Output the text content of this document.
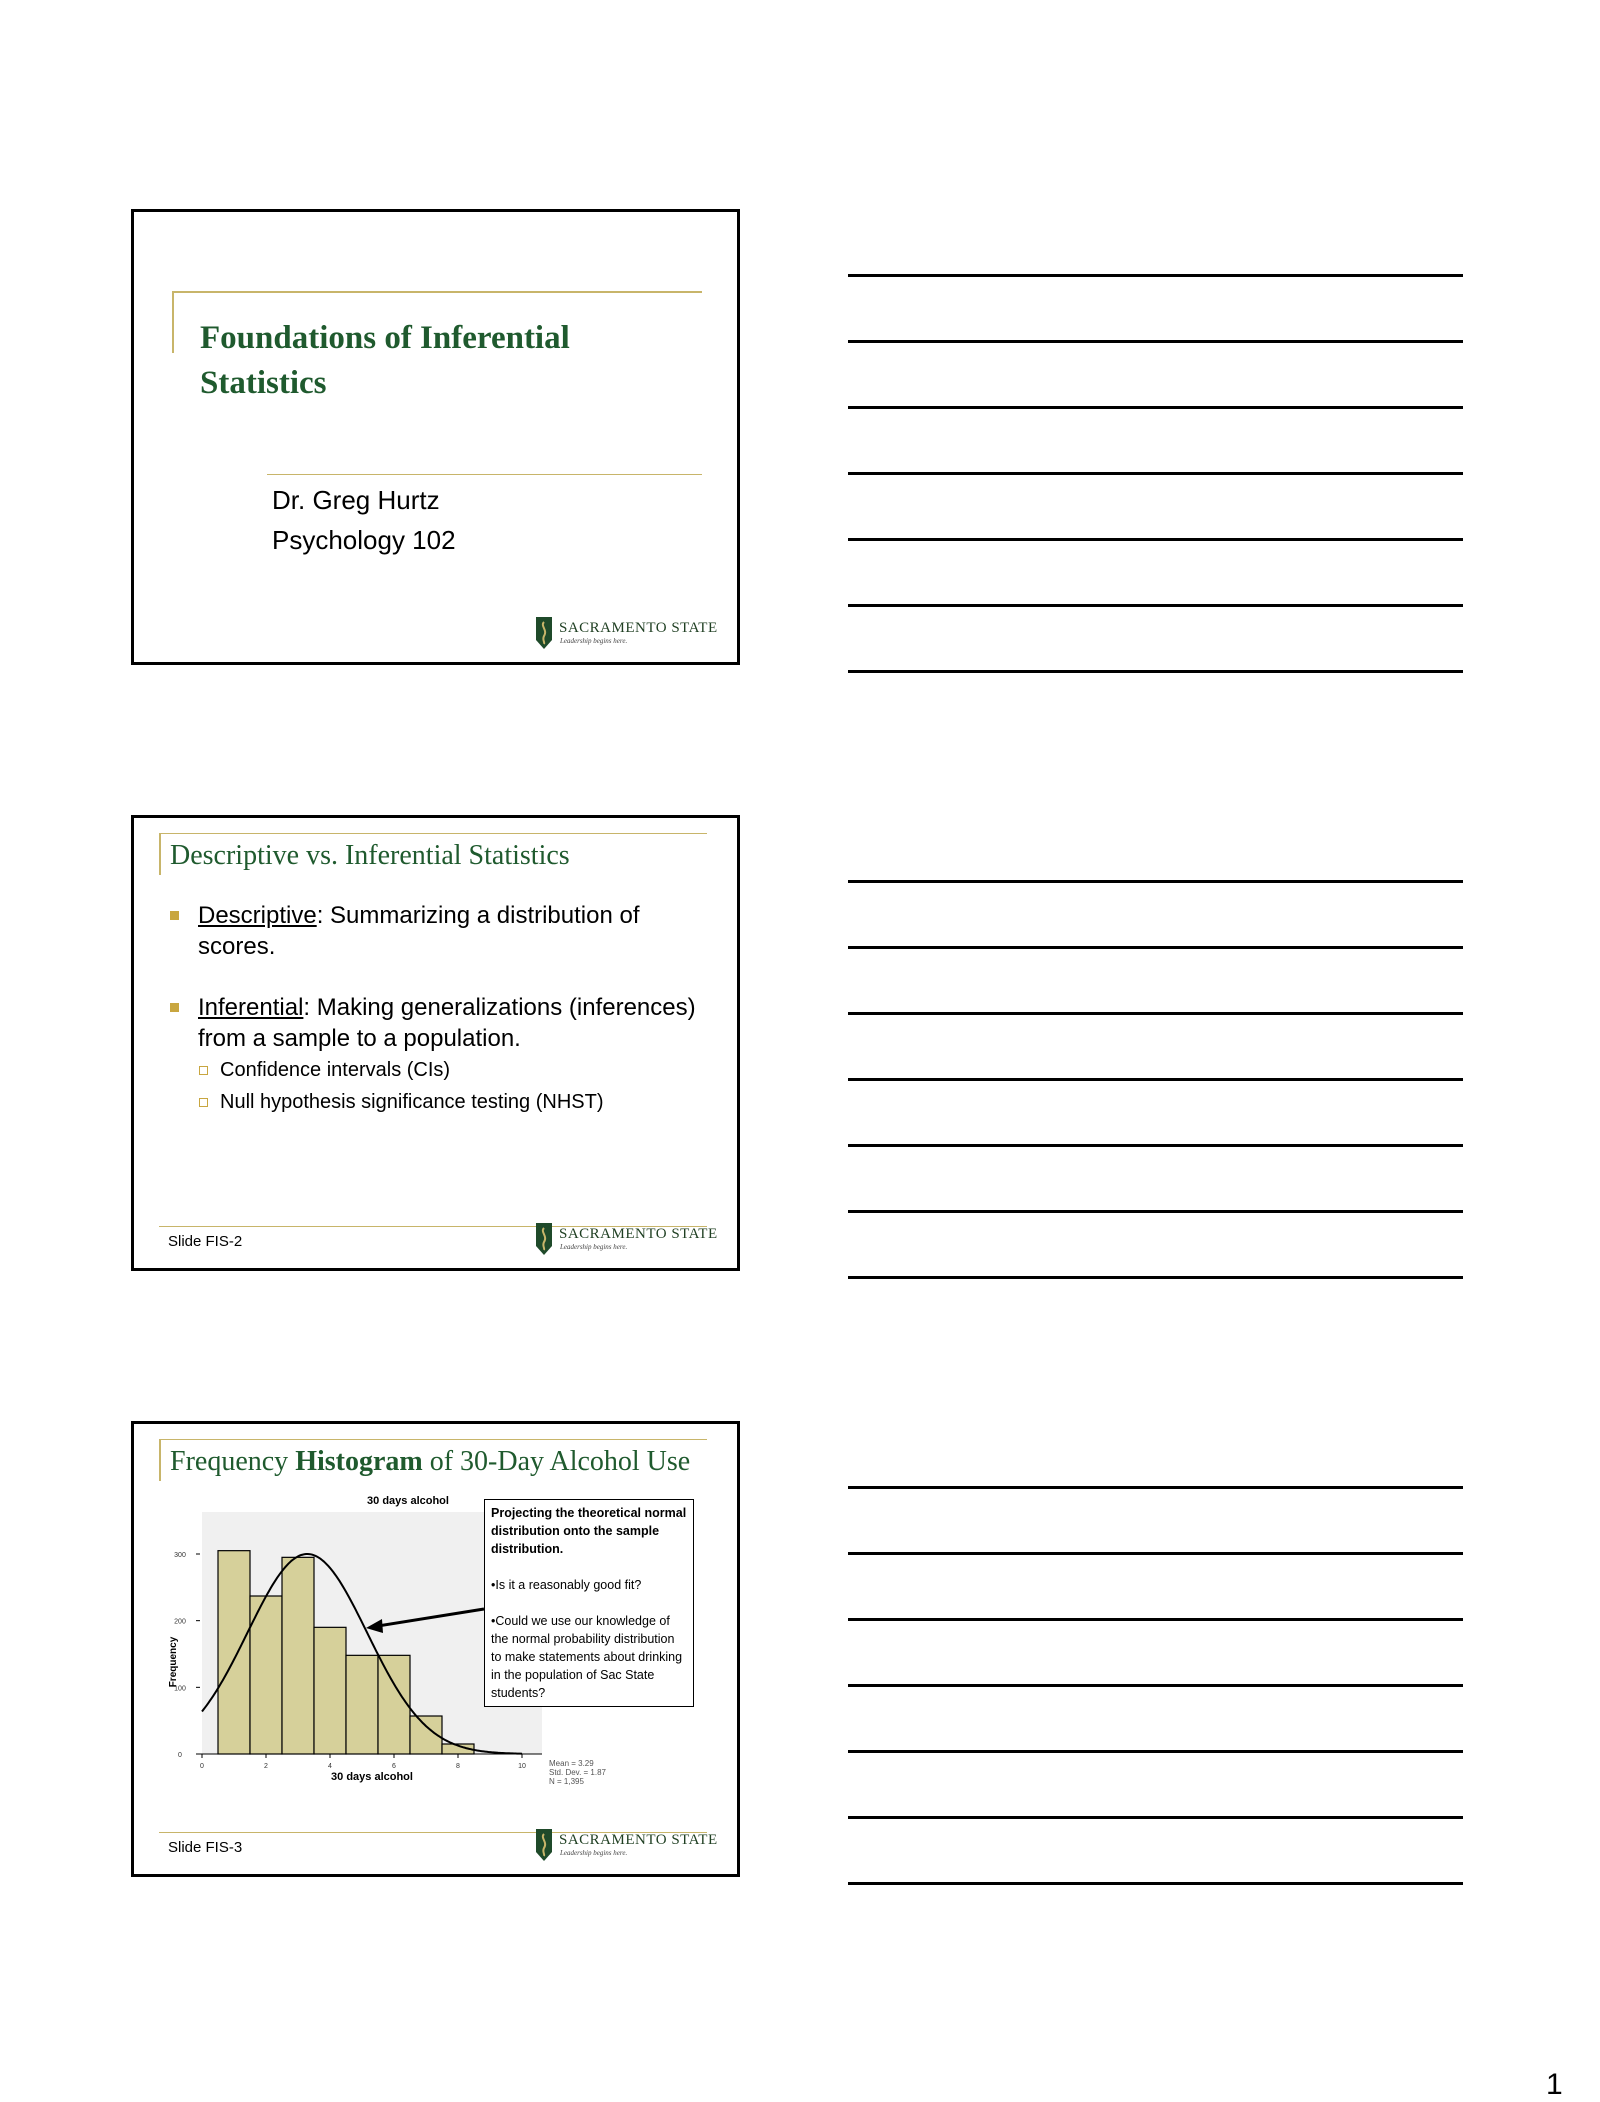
Foundations of Inferential
Statistics
Dr. Greg Hurtz
Psychology 102
SACRAMENTO STATE
Leadership begins here.
Descriptive vs. Inferential Statistics
Descriptive: Summarizing a distribution of scores.
Inferential: Making generalizations (inferences) from a sample to a population.
Confidence intervals (CIs)
Null hypothesis significance testing (NHST)
Slide FIS-2	SACRAMENTO STATE
Leadership begins here.
Frequency Histogram of 30-Day Alcohol Use
0
100
200
300
0	2	4	6	8	10
30 days alcohol
30 days alcohol
Frequency
Projecting the theoretical normal distribution onto the sample distribution.
•Is it a reasonably good fit?
•Could we use our knowledge of the normal probability distribution to make statements about drinking in the population of Sac State students?
Mean = 3.29
Std. Dev. = 1.87
N = 1,395
Slide FIS-3	SACRAMENTO STATE
Leadership begins here.
1
